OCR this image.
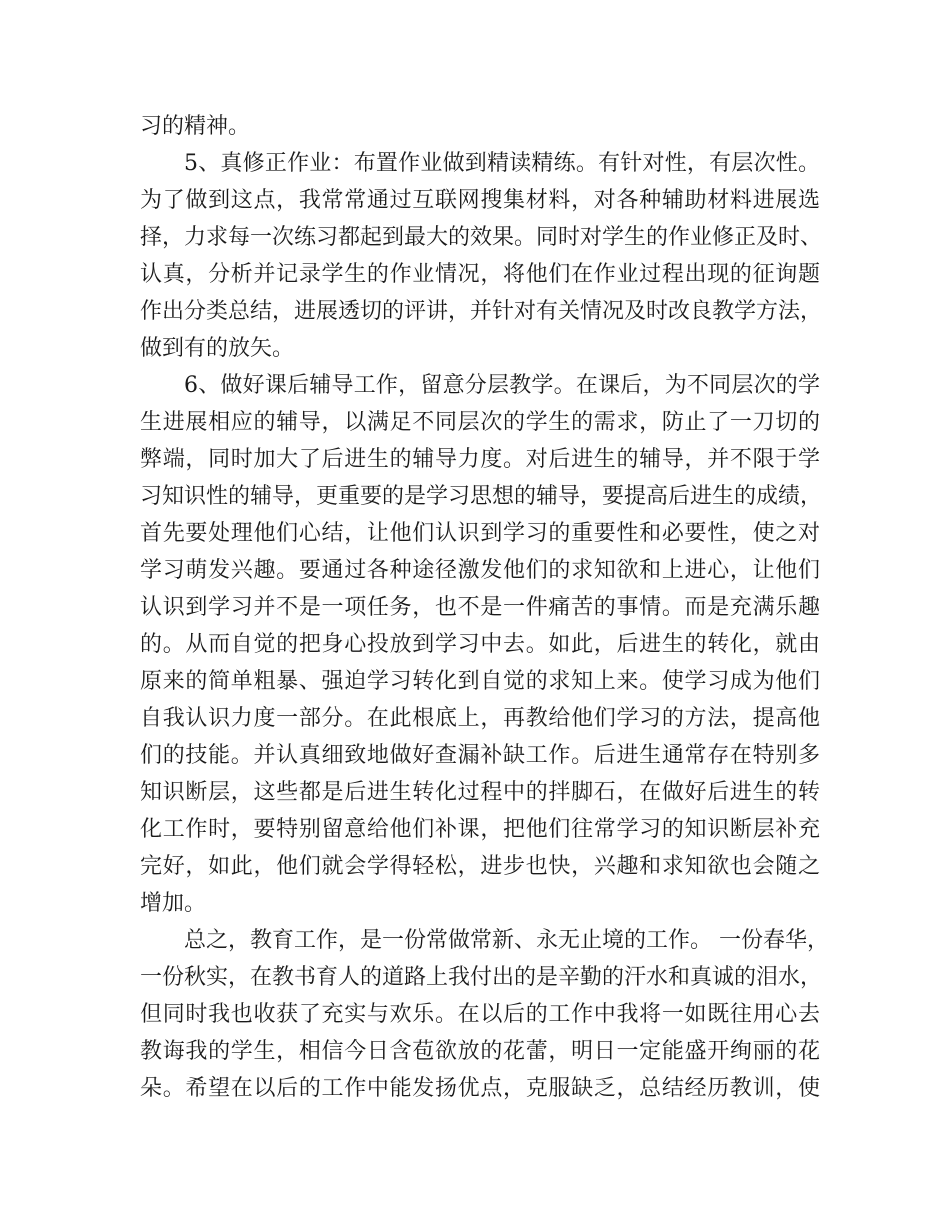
习的精神。
5、真修正作业：布置作业做到精读精练。有针对性，有层次性。
为了做到这点，我常常通过互联网搜集材料，对各种辅助材料进展选
择，力求每一次练习都起到最大的效果。同时对学生的作业修正及时、
认真，分析并记录学生的作业情况，将他们在作业过程出现的征询题
作出分类总结，进展透切的评讲，并针对有关情况及时改良教学方法，
做到有的放矢。
6、做好课后辅导工作，留意分层教学。在课后，为不同层次的学
生进展相应的辅导，以满足不同层次的学生的需求，防止了一刀切的
弊端，同时加大了后进生的辅导力度。对后进生的辅导，并不限于学
习知识性的辅导，更重要的是学习思想的辅导，要提高后进生的成绩，
首先要处理他们心结，让他们认识到学习的重要性和必要性，使之对
学习萌发兴趣。要通过各种途径激发他们的求知欲和上进心，让他们
认识到学习并不是一项任务，也不是一件痛苦的事情。而是充满乐趣
的。从而自觉的把身心投放到学习中去。如此，后进生的转化，就由
原来的简单粗暴、强迫学习转化到自觉的求知上来。使学习成为他们
自我认识力度一部分。在此根底上，再教给他们学习的方法，提高他
们的技能。并认真细致地做好查漏补缺工作。后进生通常存在特别多
知识断层，这些都是后进生转化过程中的拌脚石，在做好后进生的转
化工作时，要特别留意给他们补课，把他们往常学习的知识断层补充
完好，如此，他们就会学得轻松，进步也快，兴趣和求知欲也会随之
增加。
总之，教育工作，是一份常做常新、永无止境的工作。 一份春华，
一份秋实，在教书育人的道路上我付出的是辛勤的汗水和真诚的泪水，
但同时我也收获了充实与欢乐。在以后的工作中我将一如既往用心去
教诲我的学生，相信今日含苞欲放的花蕾，明日一定能盛开绚丽的花
朵。希望在以后的工作中能发扬优点，克服缺乏，总结经历教训，使
